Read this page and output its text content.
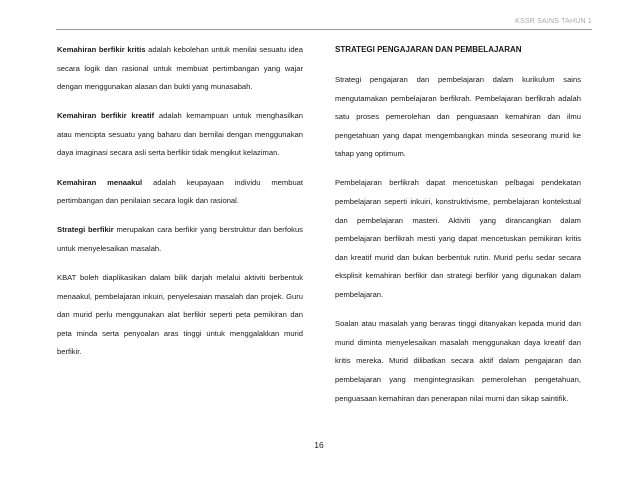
KSSR SAINS TAHUN 1

Kemahiran berfikir kritis adalah kebolehan untuk menilai sesuatu idea secara logik dan rasional untuk membuat pertimbangan yang wajar dengan menggunakan alasan dan bukti yang munasabah.

Kemahiran berfikir kreatif adalah kemampuan untuk menghasilkan atau mencipta sesuatu yang baharu dan bernilai dengan menggunakan daya imaginasi secara asli serta berfikir tidak mengikut kelaziman.

Kemahiran menaakul adalah keupayaan individu membuat pertimbangan dan penilaian secara logik dan rasional.

Strategi berfikir merupakan cara berfikir yang berstruktur dan berfokus untuk menyelesaikan masalah.

KBAT boleh diaplikasikan dalam bilik darjah melalui aktiviti berbentuk menaakul, pembelajaran inkuiri, penyelesaian masalah dan projek. Guru dan murid perlu menggunakan alat berfikir seperti peta pemikiran dan peta minda serta penyoalan aras tinggi untuk menggalakkan murid berfikir.

STRATEGI PENGAJARAN DAN PEMBELAJARAN

Strategi pengajaran dan pembelajaran dalam kurikulum sains mengutamakan pembelajaran berfikrah. Pembelajaran berfikrah adalah satu proses pemerolehan dan penguasaan kemahiran dan ilmu pengetahuan yang dapat mengembangkan minda seseorang murid ke tahap yang optimum.

Pembelajaran berfikrah dapat mencetuskan pelbagai pendekatan pembelajaran seperti inkuiri, konstruktivisme, pembelajaran kontekstual dan pembelajaran masteri. Aktiviti yang dirancangkan dalam pembelajaran berfikrah mesti yang dapat mencetuskan pemikiran kritis dan kreatif murid dan bukan berbentuk rutin. Murid perlu sedar secara eksplisit kemahiran berfikir dan strategi berfikir yang digunakan dalam pembelajaran.

Soalan atau masalah yang beraras tinggi ditanyakan kepada murid dan murid diminta menyelesaikan masalah menggunakan daya kreatif dan kritis mereka. Murid dilibatkan secara aktif dalam pengajaran dan pembelajaran yang mengintegrasikan pemerolehan pengetahuan, penguasaan kemahiran dan penerapan nilai murni dan sikap saintifik.

16
